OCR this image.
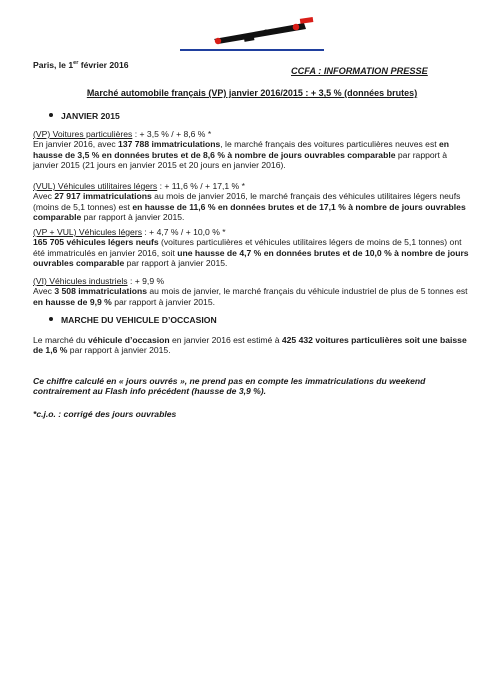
Paris, le 1er février 2016
CCFA : INFORMATION PRESSE
Marché automobile français (VP) janvier 2016/2015 : + 3,5 % (données brutes)
JANVIER 2015

(VP) Voitures particulières : + 3,5 % / + 8,6 % *

En janvier 2016, avec 137 788 immatriculations, le marché français des voitures particulières neuves est en

hausse de 3,5 % en données brutes et de 8,6 % à nombre de jours ouvrables comparable par rapport à

janvier 2015 (21 jours en janvier 2015 et 20 jours en janvier 2016).

(VUL) Véhicules utilitaires légers : + 11,6 % / + 17,1 % *

Avec 27 917 immatriculations au mois de janvier 2016, le marché français des véhicules utilitaires légers neufs

(moins de 5,1 tonnes) est en hausse de 11,6 % en données brutes et de 17,1 % à nombre de jours ouvrables

comparable par rapport à janvier 2015.

(VP + VUL) Véhicules légers : + 4,7 % / + 10,0 % *

165 705 véhicules légers neufs (voitures particulières et véhicules utilitaires légers de moins de 5,1 tonnes) ont

été immatriculés en janvier 2016, soit une hausse de 4,7 % en données brutes et de 10,0 % à nombre de jours

ouvrables comparable par rapport à janvier 2015.

(VI) Véhicules industriels : + 9,9 %

Avec 3 508 immatriculations au mois de janvier, le marché français du véhicule industriel de plus de 5 tonnes est

en hausse de 9,9 % par rapport à janvier 2015.

MARCHE DU VEHICULE D’OCCASION

Le marché du véhicule d’occasion en janvier 2016 est estimé à 425 432 voitures particulières soit une baisse

de 1,6 % par rapport à janvier 2015.

Ce chiffre calculé en « jours ouvrés », ne prend pas en compte les immatriculations du weekend
contrairement au Flash info précédent (hausse de 3,9 %).
*c.j.o. : corrigé des jours ouvrables
